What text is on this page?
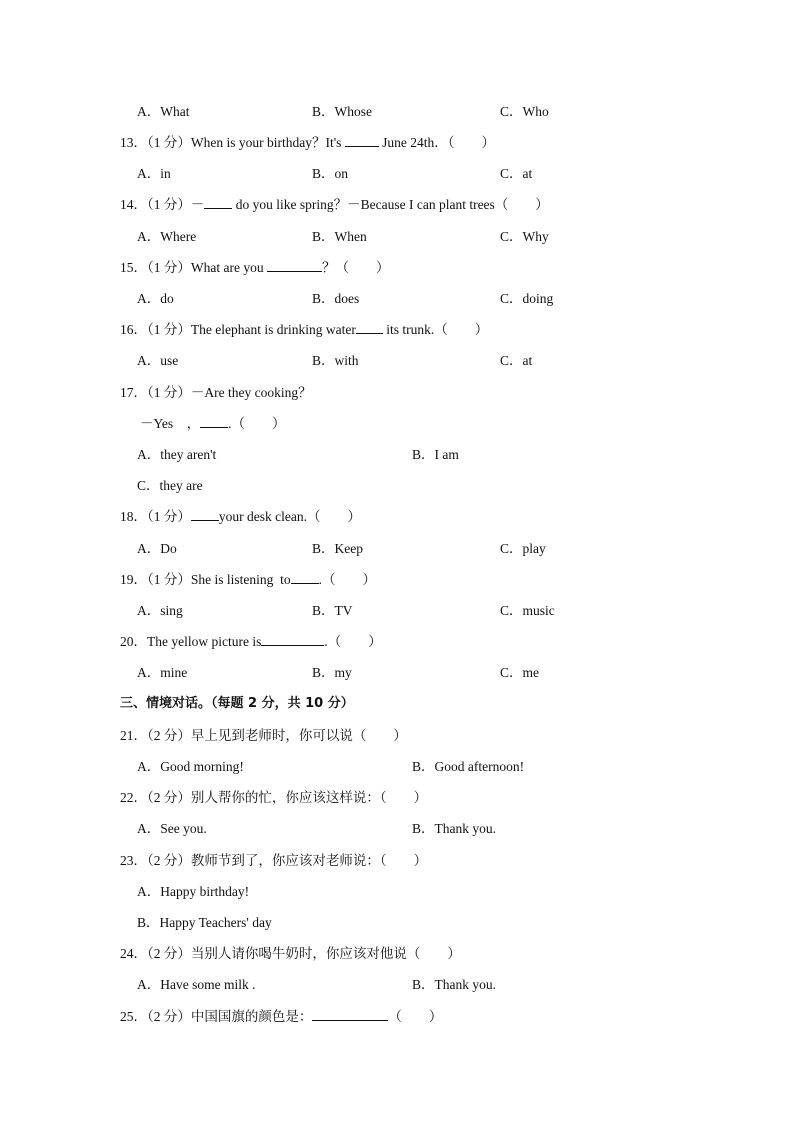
A．What	B．Whose	C．Who
13．（1 分）When is your birthday？It's	June 24th．（　　）
A．in	B．on	C．at
14．（1 分）－ do you like spring？－Because I can plant trees（　　）
A．Where	B．When	C．Why
15．（1 分）What are you	？（　　）
A．do	B．does	C．doing
16．（1 分）The elephant is drinking water its trunk.（　　）
A．use	B．with	C．at
17．（1 分）－Are they cooking？
－Yes　， .（　　）
A．they aren't	B．I am
C．they are
18．（1 分） your desk clean.（　　）
A．Do	B．Keep	C．play
19．（1 分）She is listening  to .（　　）
A．sing	B．TV	C．music
20．The yellow picture is	.（　　）
A．mine	B．my	C．me
三、情境对话。（每题 2 分，共 10 分）
21．（2 分）早上见到老师时，你可以说（　　）
A．Good morning!	B．Good afternoon!
22．（2 分）别人帮你的忙，你应该这样说：（　　）
A．See you.	B．Thank you.
23．（2 分）教师节到了，你应该对老师说：（　　）
A．Happy birthday!
B．Happy Teachers' day
24．（2 分）当别人请你喝牛奶时，你应该对他说（　　）
A．Have some milk .	B．Thank you.
25．（2 分）中国国旗的颜色是：	（　　）
